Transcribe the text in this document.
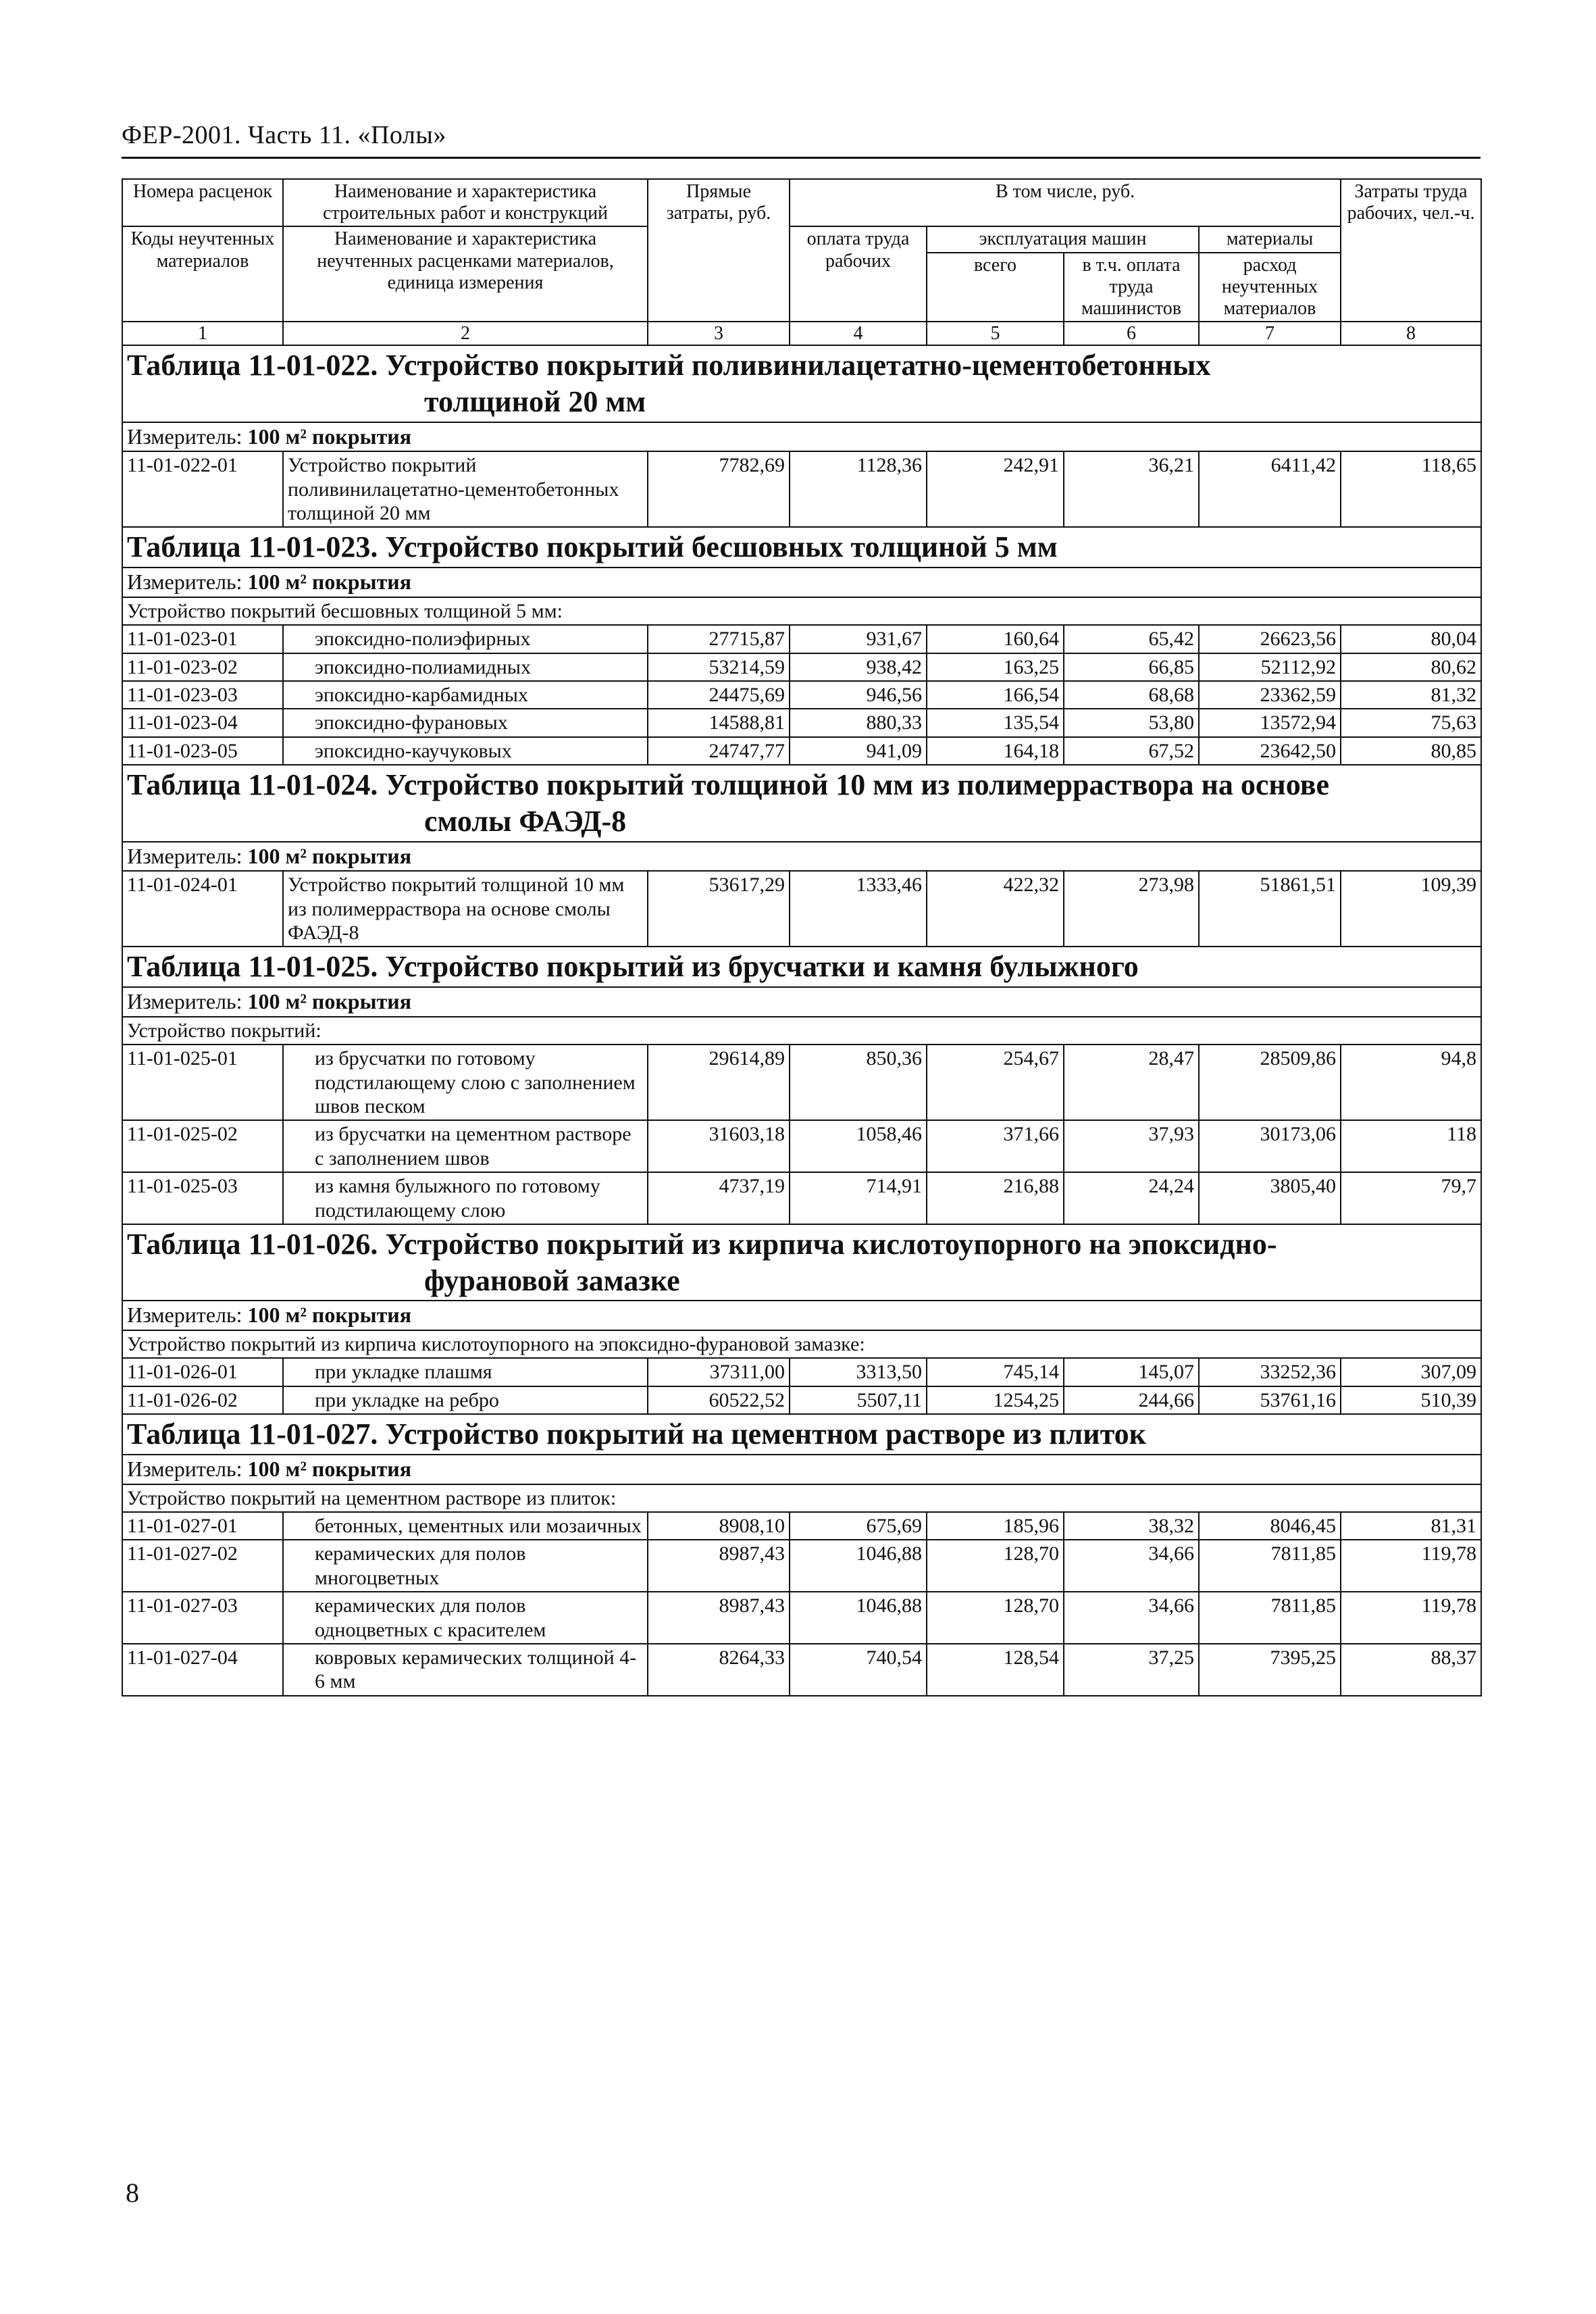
ФЕР-2001. Часть 11. «Полы»
Номера расценок	Наименование и характеристика строительных работ и конструкций	Прямые затраты, руб.	В том числе, руб.				Затраты труда рабочих, чел.-ч.
Коды неучтенных материалов	Наименование и характеристика неучтенных расценками материалов, единица измерения		оплата труда рабочих	эксплуатация машин		материалы	
				всего	в т.ч. оплата труда машинистов	расход неучтенных материалов	

1	2	3	4	5	6	7	8

Таблица 11-01-022. Устройство покрытий поливинилацетатно-цементобетонных
толщиной 20 мм							

Измеритель: 100 м² покрытия							
11-01-022-01	Устройство покрытий поливинилацетатно-цементобетонных толщиной 20 мм	7782,69	1128,36	242,91	36,21	6411,42	118,65

Таблица 11-01-023. Устройство покрытий бесшовных толщиной 5 мм							

Измеритель: 100 м² покрытия							
Устройство покрытий бесшовных толщиной 5 мм:							
11-01-023-01	эпоксидно-полиэфирных	27715,87	931,67	160,64	65,42	26623,56	80,04
11-01-023-02	эпоксидно-полиамидных	53214,59	938,42	163,25	66,85	52112,92	80,62
11-01-023-03	эпоксидно-карбамидных	24475,69	946,56	166,54	68,68	23362,59	81,32
11-01-023-04	эпоксидно-фурановых	14588,81	880,33	135,54	53,80	13572,94	75,63
11-01-023-05	эпоксидно-каучуковых	24747,77	941,09	164,18	67,52	23642,50	80,85

Таблица 11-01-024. Устройство покрытий толщиной 10 мм из полимерраствора на основе
смолы ФАЭД-8							

Измеритель: 100 м² покрытия							
11-01-024-01	Устройство покрытий толщиной 10 мм из полимерраствора на основе смолы ФАЭД-8	53617,29	1333,46	422,32	273,98	51861,51	109,39

Таблица 11-01-025. Устройство покрытий из брусчатки и камня булыжного							

Измеритель: 100 м² покрытия							
Устройство покрытий:							
11-01-025-01	из брусчатки по готовому подстилающему слою с заполнением швов песком	29614,89	850,36	254,67	28,47	28509,86	94,8
11-01-025-02	из брусчатки на цементном растворе с заполнением швов	31603,18	1058,46	371,66	37,93	30173,06	118
11-01-025-03	из камня булыжного по готовому подстилающему слою	4737,19	714,91	216,88	24,24	3805,40	79,7

Таблица 11-01-026. Устройство покрытий из кирпича кислотоупорного на эпоксидно-
фурановой замазке							

Измеритель: 100 м² покрытия							
Устройство покрытий из кирпича кислотоупорного на эпоксидно-фурановой замазке:							
11-01-026-01	при укладке плашмя	37311,00	3313,50	745,14	145,07	33252,36	307,09
11-01-026-02	при укладке на ребро	60522,52	5507,11	1254,25	244,66	53761,16	510,39

Таблица 11-01-027. Устройство покрытий на цементном растворе из плиток							

Измеритель: 100 м² покрытия							
Устройство покрытий на цементном растворе из плиток:							
11-01-027-01	бетонных, цементных или мозаичных	8908,10	675,69	185,96	38,32	8046,45	81,31
11-01-027-02	керамических для полов многоцветных	8987,43	1046,88	128,70	34,66	7811,85	119,78
11-01-027-03	керамических для полов одноцветных с красителем	8987,43	1046,88	128,70	34,66	7811,85	119,78
11-01-027-04	ковровых керамических толщиной 4-6 мм	8264,33	740,54	128,54	37,25	7395,25	88,37
8
